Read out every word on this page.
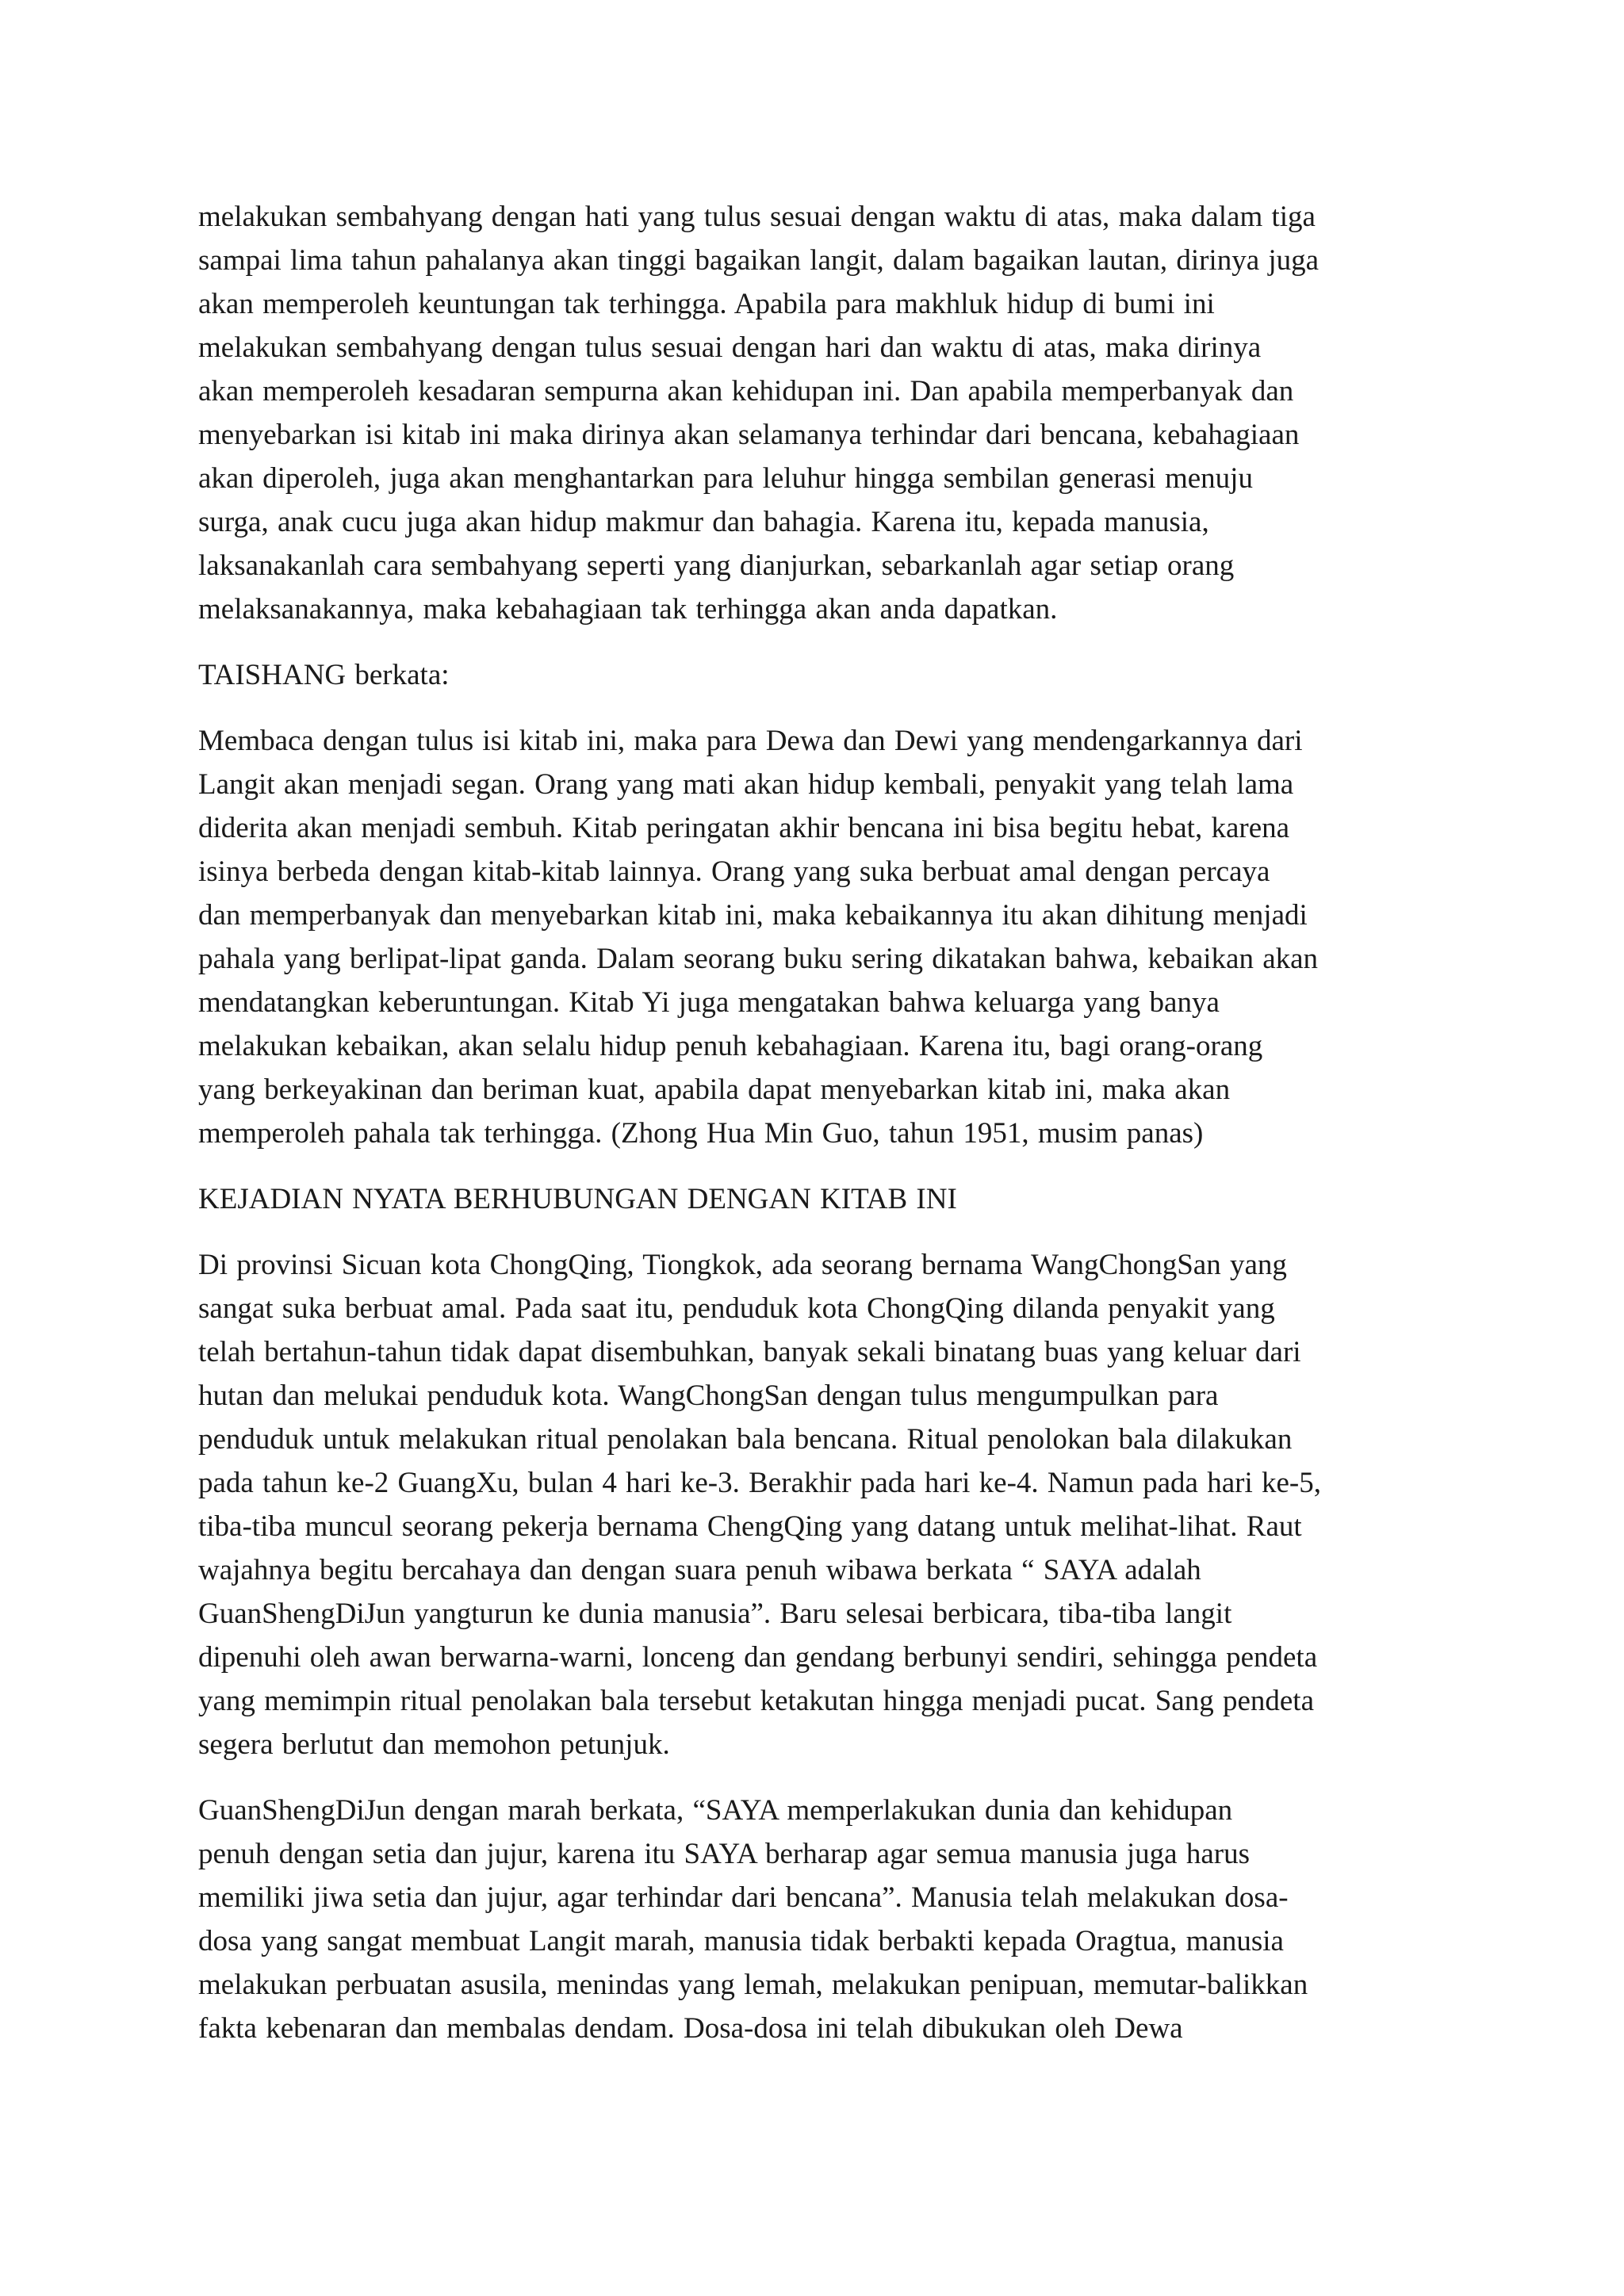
melakukan sembahyang dengan hati yang tulus sesuai dengan waktu di atas, maka dalam tiga
sampai lima tahun pahalanya akan tinggi bagaikan langit, dalam bagaikan lautan, dirinya juga
akan memperoleh keuntungan tak terhingga. Apabila para makhluk hidup di bumi ini
melakukan sembahyang dengan tulus sesuai dengan hari dan waktu di atas, maka dirinya
akan memperoleh kesadaran sempurna akan kehidupan ini. Dan apabila memperbanyak dan
menyebarkan isi kitab ini maka dirinya akan selamanya terhindar dari bencana, kebahagiaan
akan diperoleh, juga akan menghantarkan para leluhur hingga sembilan generasi menuju
surga, anak cucu juga akan hidup makmur dan bahagia. Karena itu, kepada manusia,
laksanakanlah cara sembahyang seperti yang dianjurkan, sebarkanlah agar setiap orang
melaksanakannya, maka kebahagiaan tak terhingga akan anda dapatkan.

TAISHANG berkata:

Membaca dengan tulus isi kitab ini, maka para Dewa dan Dewi yang mendengarkannya dari
Langit akan menjadi segan. Orang yang mati akan hidup kembali, penyakit yang telah lama
diderita akan menjadi sembuh. Kitab peringatan akhir bencana ini bisa begitu hebat, karena
isinya berbeda dengan kitab-kitab lainnya. Orang yang suka berbuat amal dengan percaya
dan memperbanyak dan menyebarkan kitab ini, maka kebaikannya itu akan dihitung menjadi
pahala yang berlipat-lipat ganda. Dalam seorang buku sering dikatakan bahwa, kebaikan akan
mendatangkan keberuntungan. Kitab Yi juga mengatakan bahwa keluarga yang banya
melakukan kebaikan, akan selalu hidup penuh kebahagiaan. Karena itu, bagi orang-orang
yang berkeyakinan dan beriman kuat, apabila dapat menyebarkan kitab ini, maka akan
memperoleh pahala tak terhingga. (Zhong Hua Min Guo, tahun 1951, musim panas)

KEJADIAN NYATA BERHUBUNGAN DENGAN KITAB INI

Di provinsi Sicuan kota ChongQing, Tiongkok, ada seorang bernama WangChongSan yang
sangat suka berbuat amal. Pada saat itu, penduduk kota ChongQing dilanda penyakit yang
telah bertahun-tahun tidak dapat disembuhkan, banyak sekali binatang buas yang keluar dari
hutan dan melukai penduduk kota. WangChongSan dengan tulus mengumpulkan para
penduduk untuk melakukan ritual penolakan bala bencana. Ritual penolokan bala dilakukan
pada tahun ke-2 GuangXu, bulan 4 hari ke-3. Berakhir pada hari ke-4. Namun pada hari ke-5,
tiba-tiba muncul seorang pekerja bernama ChengQing yang datang untuk melihat-lihat. Raut
wajahnya begitu bercahaya dan dengan suara penuh wibawa berkata “ SAYA adalah
GuanShengDiJun yangturun ke dunia manusia”. Baru selesai berbicara, tiba-tiba langit
dipenuhi oleh awan berwarna-warni, lonceng dan gendang berbunyi sendiri, sehingga pendeta
yang memimpin ritual penolakan bala tersebut ketakutan hingga menjadi pucat. Sang pendeta
segera berlutut dan memohon petunjuk.

GuanShengDiJun dengan marah berkata, “SAYA memperlakukan dunia dan kehidupan
penuh dengan setia dan jujur, karena itu SAYA berharap agar semua manusia juga harus
memiliki jiwa setia dan jujur, agar terhindar dari bencana”. Manusia telah melakukan dosa-
dosa yang sangat membuat Langit marah, manusia tidak berbakti kepada Oragtua, manusia
melakukan perbuatan asusila, menindas yang lemah, melakukan penipuan, memutar-balikkan
fakta kebenaran dan membalas dendam. Dosa-dosa ini telah dibukukan oleh Dewa
